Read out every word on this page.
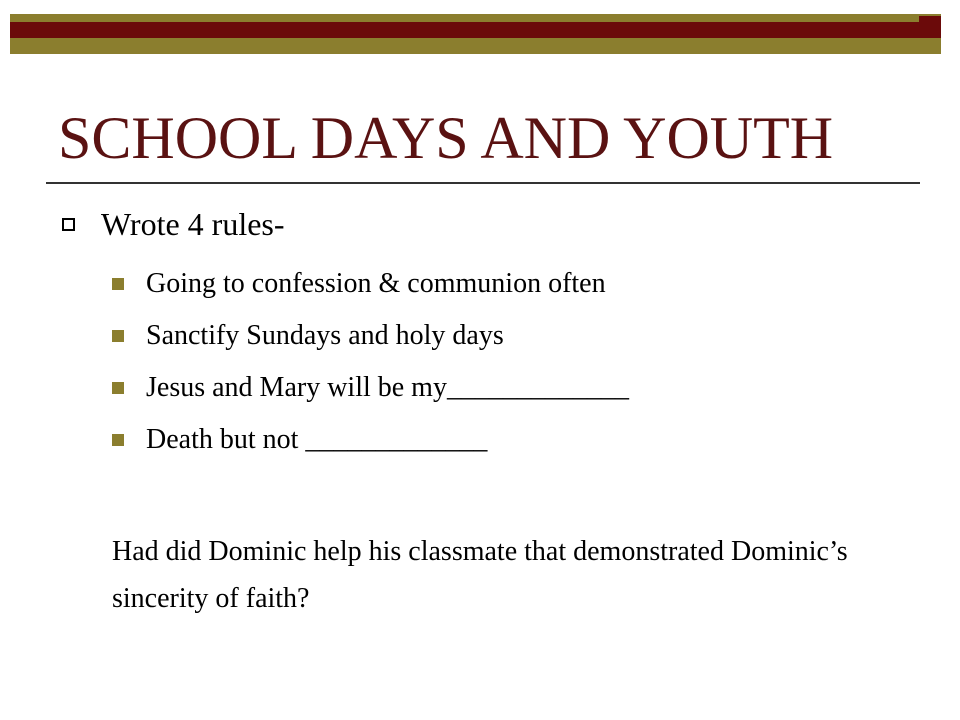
SCHOOL DAYS AND YOUTH
Wrote 4 rules-
Going to confession & communion often
Sanctify Sundays and holy days
Jesus and Mary will be my_____________
Death but not _____________

Had did Dominic help his classmate that demonstrated Dominic’s sincerity of faith?
